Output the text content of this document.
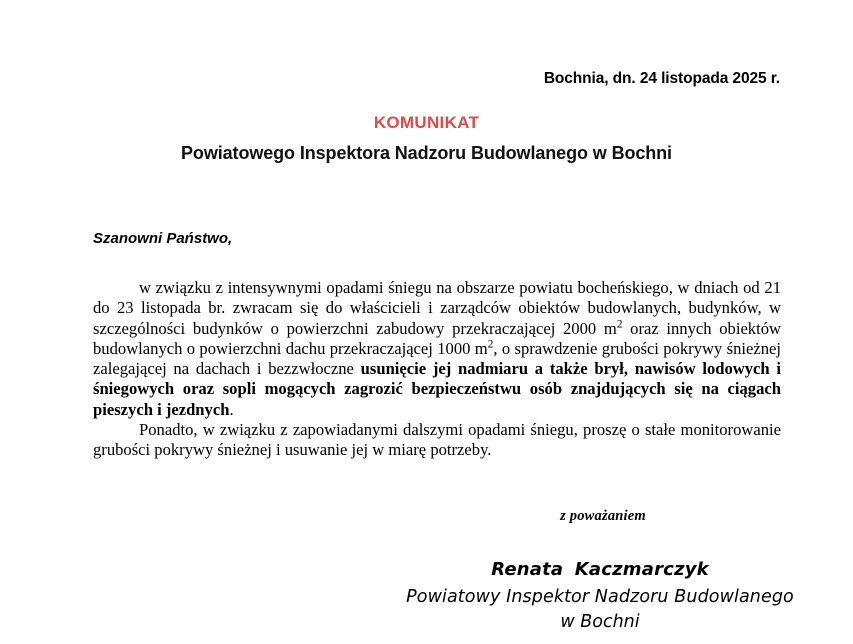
Bochnia, dn. 24 listopada 2025 r.
KOMUNIKAT
Powiatowego Inspektora Nadzoru Budowlanego w Bochni
Szanowni Państwo,

w związku z intensywnymi opadami śniegu na obszarze powiatu bocheńskiego, w dniach od 21 do 23 listopada br. zwracam się do właścicieli i zarządców obiektów budowlanych, budynków, w szczególności budynków o powierzchni zabudowy przekraczającej 2000 $m^2$ oraz innych obiektów budowlanych o powierzchni dachu przekraczającej 1000 $m^2$, o sprawdzenie grubości pokrywy śnieżnej zalegającej na dachach i bezzwłoczne usunięcie jej nadmiaru a także brył, nawisów lodowych i śniegowych oraz sopli mogących zagrozić bezpieczeństwu osób znajdujących się na ciągach pieszych i jezdnych.

Ponadto, w związku z zapowiadanymi dalszymi opadami śniegu, proszę o stałe monitorowanie grubości pokrywy śnieżnej i usuwanie jej w miarę potrzeby.

z poważaniem
Renata Kaczmarczyk
Powiatowy Inspektor Nadzoru Budowlanego
w Bochni
